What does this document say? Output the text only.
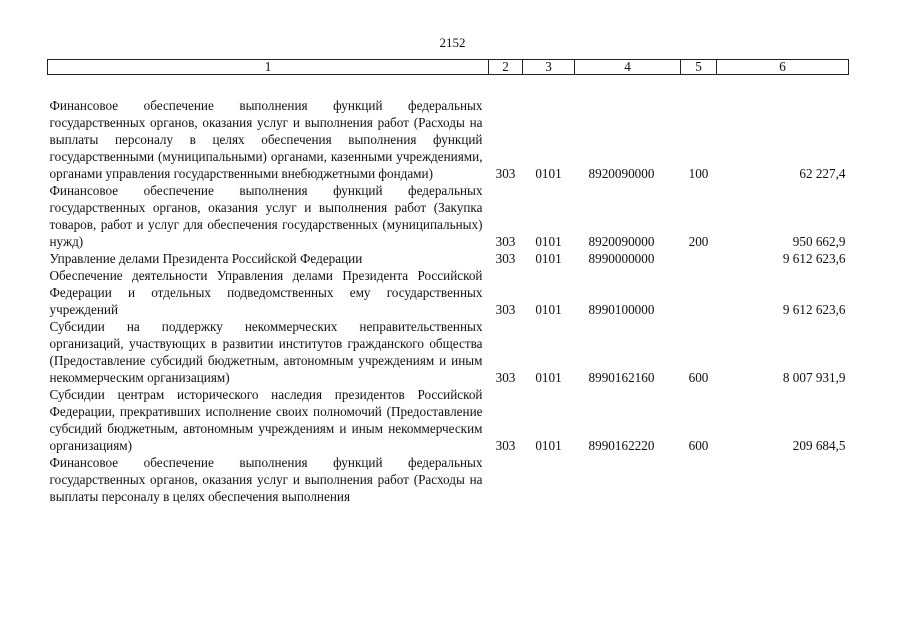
2152
1	2	3	4	5	6
Финансовое обеспечение выполнения функций федеральных государственных органов, оказания услуг и выполнения работ (Расходы на выплаты персоналу в целях обеспечения выполнения функций государственными (муниципальными) органами, казенными учреждениями, органами управления государственными внебюджетными фондами)	303	0101	8920090000	100	62 227,4
Финансовое обеспечение выполнения функций федеральных государственных органов, оказания услуг и выполнения работ (Закупка товаров, работ и услуг для обеспечения государственных (муниципальных) нужд)	303	0101	8920090000	200	950 662,9
Управление делами Президента Российской Федерации	303	0101	8990000000		9 612 623,6
Обеспечение деятельности Управления делами Президента Российской Федерации и отдельных подведомственных ему государственных учреждений	303	0101	8990100000		9 612 623,6
Субсидии на поддержку некоммерческих неправительственных организаций, участвующих в развитии институтов гражданского общества (Предоставление субсидий бюджетным, автономным учреждениям и иным некоммерческим организациям)	303	0101	8990162160	600	8 007 931,9
Субсидии центрам исторического наследия президентов Российской Федерации, прекративших исполнение своих полномочий (Предоставление субсидий бюджетным, автономным учреждениям и иным некоммерческим организациям)	303	0101	8990162220	600	209 684,5
Финансовое обеспечение выполнения функций федеральных государственных органов, оказания услуг и выполнения работ (Расходы на выплаты персоналу в целях обеспечения выполнения					
